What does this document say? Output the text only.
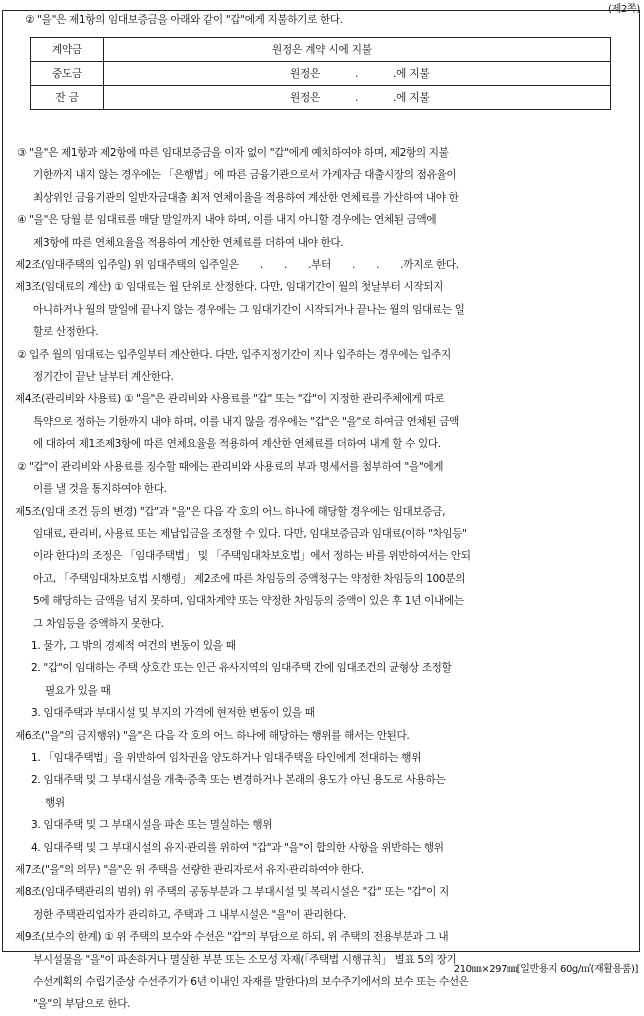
(제2쪽)
② "을"은 제1항의 임대보증금을 아래와 같이 "갑"에게 지불하기로 한다.
계약금	원정은 계약 시에 지불
중도금	원정은           .           .에 지불
잔 금	원정은           .           .에 지불
③ "을"은 제1항과 제2항에 따른 임대보증금을 이자 없이 "갑"에게 예치하여야 하며, 제2항의 지불
기한까지 내지 않는 경우에는 「은행법」에 따른 금융기관으로서 가계자금 대출시장의 점유율이
최상위인 금융기관의 일반자금대출 최저 연체이율을 적용하여 계산한 연체료를 가산하여 내야 한
④ "을"은 당월 분 임대료를 매달 말일까지 내야 하며, 이를 내지 아니할 경우에는 연체된 금액에
제3항에 따른 연체요율을 적용하여 계산한 연체료를 더하여 내야 한다.
제2조(임대주택의 입주일) 위 임대주택의 입주일은       .       .       .부터       .       .       .까지로 한다.
제3조(임대료의 계산) ① 임대료는 월 단위로 산정한다. 다만, 임대기간이 월의 첫날부터 시작되지
아니하거나 월의 말일에 끝나지 않는 경우에는 그 임대기간이 시작되거나 끝나는 월의 임대료는 일
할로 산정한다.
② 입주 월의 임대료는 입주일부터 계산한다. 다만, 입주지정기간이 지나 입주하는 경우에는 입주지
정기간이 끝난 날부터 계산한다.
제4조(관리비와 사용료) ① "을"은 관리비와 사용료를 "갑" 또는 "갑"이 지정한 관리주체에게 따로
특약으로 정하는 기한까지 내야 하며, 이를 내지 않을 경우에는 "갑"은 "을"로 하여금 연체된 금액
에 대하여 제1조제3항에 따른 연체요율을 적용하여 계산한 연체료를 더하여 내게 할 수 있다.
② "갑"이 관리비와 사용료를 징수할 때에는 관리비와 사용료의 부과 명세서를 첨부하여 "을"에게
이를 낼 것을 통지하여야 한다.
제5조(임대 조건 등의 변경) "갑"과 "을"은 다음 각 호의 어느 하나에 해당할 경우에는 임대보증금,
임대료, 관리비, 사용료 또는 제납입금을 조정할 수 있다. 다만, 임대보증금과 임대료(이하 "차임등"
이라 한다)의 조정은 「임대주택법」 및 「주택임대차보호법」에서 정하는 바를 위반하여서는 안되
아고, 「주택임대차보호법 시행령」 제2조에 따른 차임등의 증액청구는 약정한 차임등의 100분의
5에 해당하는 금액을 넘지 못하며, 임대차계약 또는 약정한 차임등의 증액이 있은 후 1년 이내에는
그 차임등을 증액하지 못한다.
1. 물가, 그 밖의 경제적 여건의 변동이 있을 때
2. "갑"이 임대하는 주택 상호간 또는 인근 유사지역의 임대주택 간에 임대조건의 균형상 조정할
필요가 있을 때
3. 임대주택과 부대시설 및 부지의 가격에 현저한 변동이 있을 때
제6조("을"의 금지행위) "을"은 다음 각 호의 어느 하나에 해당하는 행위를 해서는 안된다.
1. 「임대주택법」을 위반하여 임차권을 양도하거나 임대주택을 타인에게 전대하는 행위
2. 임대주택 및 그 부대시설을 개축·증축 또는 변경하거나 본래의 용도가 아닌 용도로 사용하는
행위
3. 임대주택 및 그 부대시설을 파손 또는 멸실하는 행위
4. 임대주택 및 그 부대시설의 유지·관리를 위하여 "갑"과 "을"이 합의한 사항을 위반하는 행위
제7조("을"의 의무) "을"은 위 주택을 선량한 관리자로서 유지·관리하여야 한다.
제8조(임대주택관리의 범위) 위 주택의 공동부분과 그 부대시설 및 복리시설은 "갑" 또는 "갑"이 지
정한 주택관리업자가 관리하고, 주택과 그 내부시설은 "을"이 관리한다.
제9조(보수의 한계) ① 위 주택의 보수와 수선은 "갑"의 부담으로 하되, 위 주택의 전용부분과 그 내
부시설물을 "을"이 파손하거나 멸실한 부분 또는 소모성 자재(「주택법 시행규칙」 별표 5의 장기
수선계획의 수립기준상 수선주기가 6년 이내인 자재를 말한다)의 보수주기에서의 보수 또는 수선은
"을"의 부담으로 한다.
210㎜×297㎜[일반용지 60g/㎡(재활용품)]
